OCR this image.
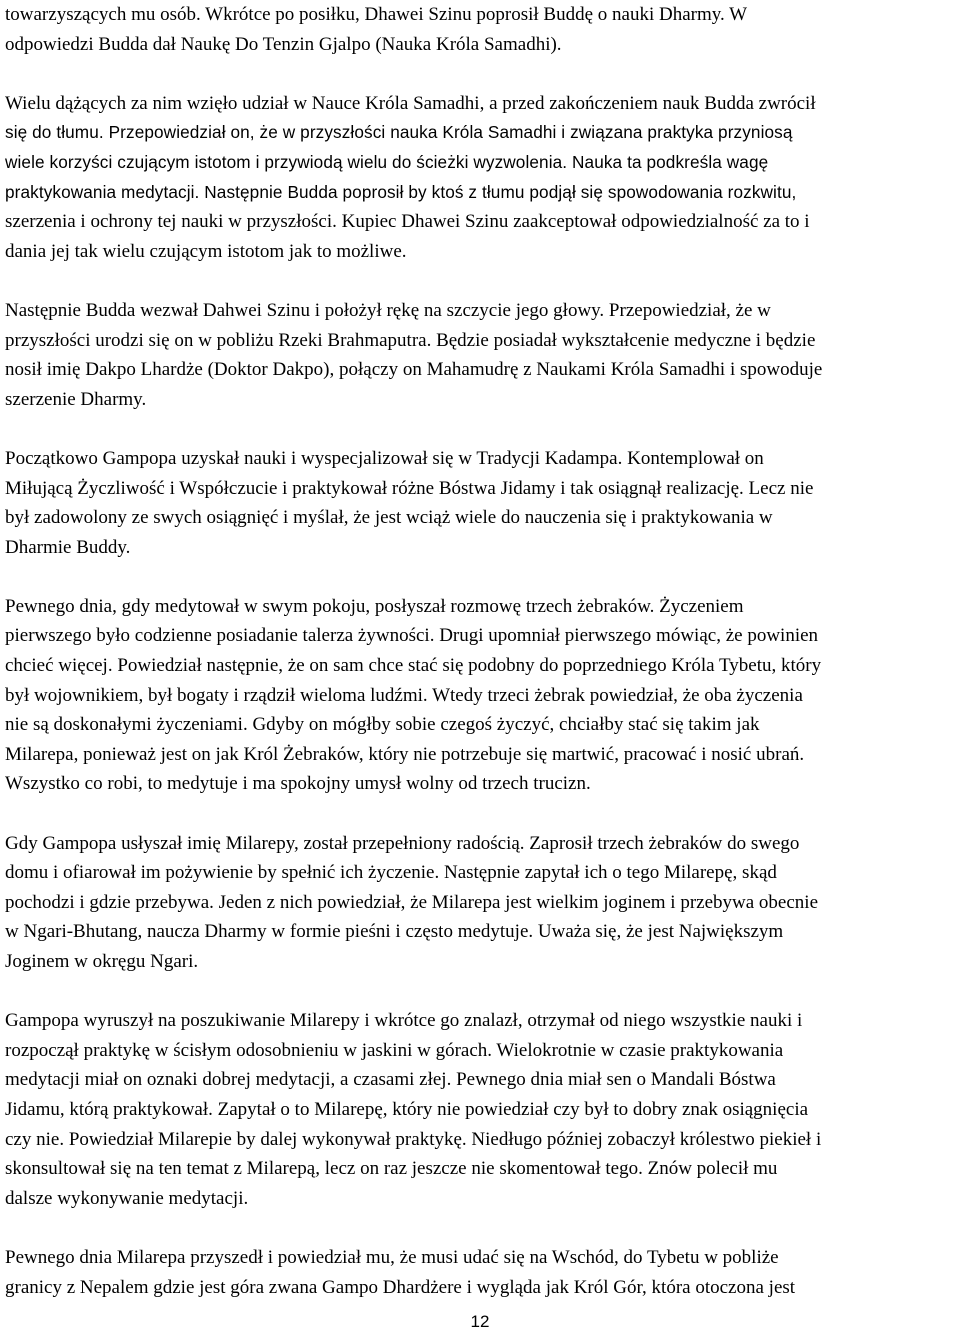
towarzyszących mu osób. Wkrótce po posiłku, Dhawei Szinu poprosił Buddę o nauki Dharmy. W
odpowiedzi Budda dał Naukę Do Tenzin Gjalpo (Nauka Króla Samadhi).
Wielu dążących za nim wzięło udział w Nauce Króla Samadhi, a przed zakończeniem nauk Budda zwrócił
się do tłumu. Przepowiedział on, że w przyszłości nauka Króla Samadhi i związana praktyka przyniosą
wiele korzyści czującym istotom i przywiodą wielu do ścieżki wyzwolenia. Nauka ta podkreśla wagę
praktykowania medytacji. Następnie Budda poprosił by ktoś z tłumu podjął się spowodowania rozkwitu,
szerzenia i ochrony tej nauki w przyszłości. Kupiec Dhawei Szinu zaakceptował odpowiedzialność za to i
dania jej tak wielu czującym istotom jak to możliwe.
Następnie Budda wezwał Dahwei Szinu i położył rękę na szczycie jego głowy. Przepowiedział, że w
przyszłości urodzi się on w pobliżu Rzeki Brahmaputra. Będzie posiadał wykształcenie medyczne i będzie
nosił imię Dakpo Lhardże (Doktor Dakpo), połączy on Mahamudrę z Naukami Króla Samadhi i spowoduje
szerzenie Dharmy.
Początkowo Gampopa uzyskał nauki i wyspecjalizował się w Tradycji Kadampa. Kontemplował on
Miłującą Życzliwość i Współczucie i praktykował różne Bóstwa Jidamy i tak osiągnął realizację. Lecz nie
był zadowolony ze swych osiągnięć i myślał, że jest wciąż wiele do nauczenia się i praktykowania w
Dharmie Buddy.
Pewnego dnia, gdy medytował w swym pokoju, posłyszał rozmowę trzech żebraków. Życzeniem
pierwszego było codzienne posiadanie talerza żywności. Drugi upomniał pierwszego mówiąc, że powinien
chcieć więcej. Powiedział następnie, że on sam chce stać się podobny do poprzedniego Króla Tybetu, który
był wojownikiem, był bogaty i rządził wieloma ludźmi. Wtedy trzeci żebrak powiedział, że oba życzenia
nie są doskonałymi życzeniami. Gdyby on mógłby sobie czegoś życzyć, chciałby stać się takim jak
Milarepa, ponieważ jest on jak Król Żebraków, który nie potrzebuje się martwić, pracować i nosić ubrań.
Wszystko co robi, to medytuje i ma spokojny umysł wolny od trzech trucizn.
Gdy Gampopa usłyszał imię Milarepy, został przepełniony radością. Zaprosił trzech żebraków do swego
domu i ofiarował im pożywienie by spełnić ich życzenie. Następnie zapytał ich o tego Milarepę, skąd
pochodzi i gdzie przebywa. Jeden z nich powiedział, że Milarepa jest wielkim joginem i przebywa obecnie
w Ngari-Bhutang, naucza Dharmy w formie pieśni i często medytuje. Uważa się, że jest Największym
Joginem w okręgu Ngari.
Gampopa wyruszył na poszukiwanie Milarepy i wkrótce go znalazł, otrzymał od niego wszystkie nauki i
rozpoczął praktykę w ścisłym odosobnieniu w jaskini w górach. Wielokrotnie w czasie praktykowania
medytacji miał on oznaki dobrej medytacji, a czasami złej. Pewnego dnia miał sen o Mandali Bóstwa
Jidamu, którą praktykował. Zapytał o to Milarepę, który nie powiedział czy był to dobry znak osiągnięcia
czy nie. Powiedział Milarepie by dalej wykonywał praktykę. Niedługo później zobaczył królestwo piekieł i
skonsultował się na ten temat z Milarepą, lecz on raz jeszcze nie skomentował tego. Znów polecił mu
dalsze wykonywanie medytacji.
Pewnego dnia Milarepa przyszedł i powiedział mu, że musi udać się na Wschód, do Tybetu w pobliże
granicy z Nepalem gdzie jest góra zwana Gampo Dhardżere i wygląda jak Król Gór, która otoczona jest
12
